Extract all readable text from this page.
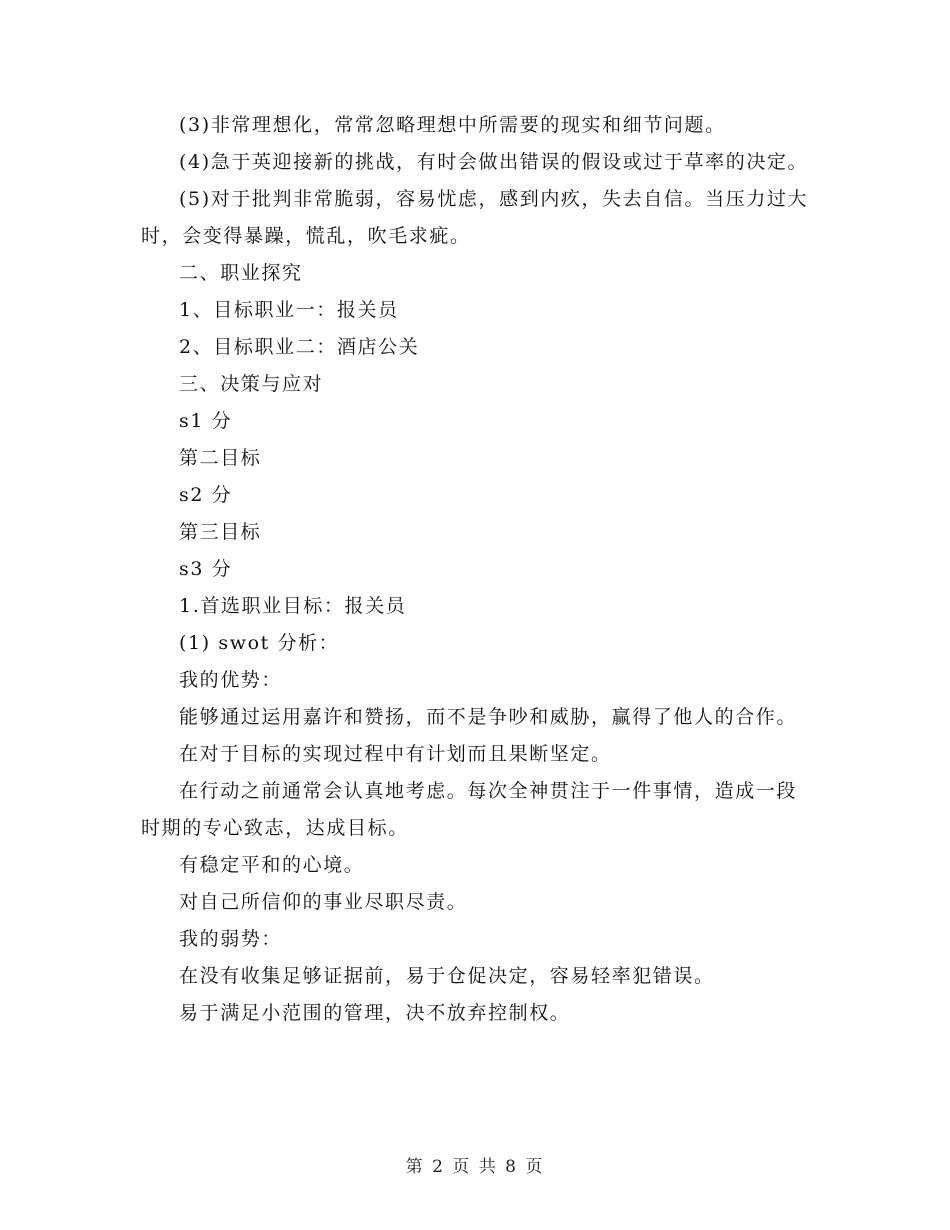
(3)非常理想化，常常忽略理想中所需要的现实和细节问题。

(4)急于英迎接新的挑战，有时会做出错误的假设或过于草率的决定。

(5)对于批判非常脆弱，容易忧虑，感到内疚，失去自信。当压力过大时，会变得暴躁，慌乱，吹毛求疵。

二、职业探究

1、目标职业一：报关员

2、目标职业二：酒店公关

三、决策与应对

s1 分

第二目标

s2 分

第三目标

s3 分

1.首选职业目标：报关员

(1) swot 分析：

我的优势：

能够通过运用嘉许和赞扬，而不是争吵和威胁，赢得了他人的合作。

在对于目标的实现过程中有计划而且果断坚定。

在行动之前通常会认真地考虑。每次全神贯注于一件事情，造成一段时期的专心致志，达成目标。

有稳定平和的心境。

对自己所信仰的事业尽职尽责。

我的弱势：

在没有收集足够证据前，易于仓促决定，容易轻率犯错误。

易于满足小范围的管理，决不放弃控制权。

第 2 页 共 8 页
